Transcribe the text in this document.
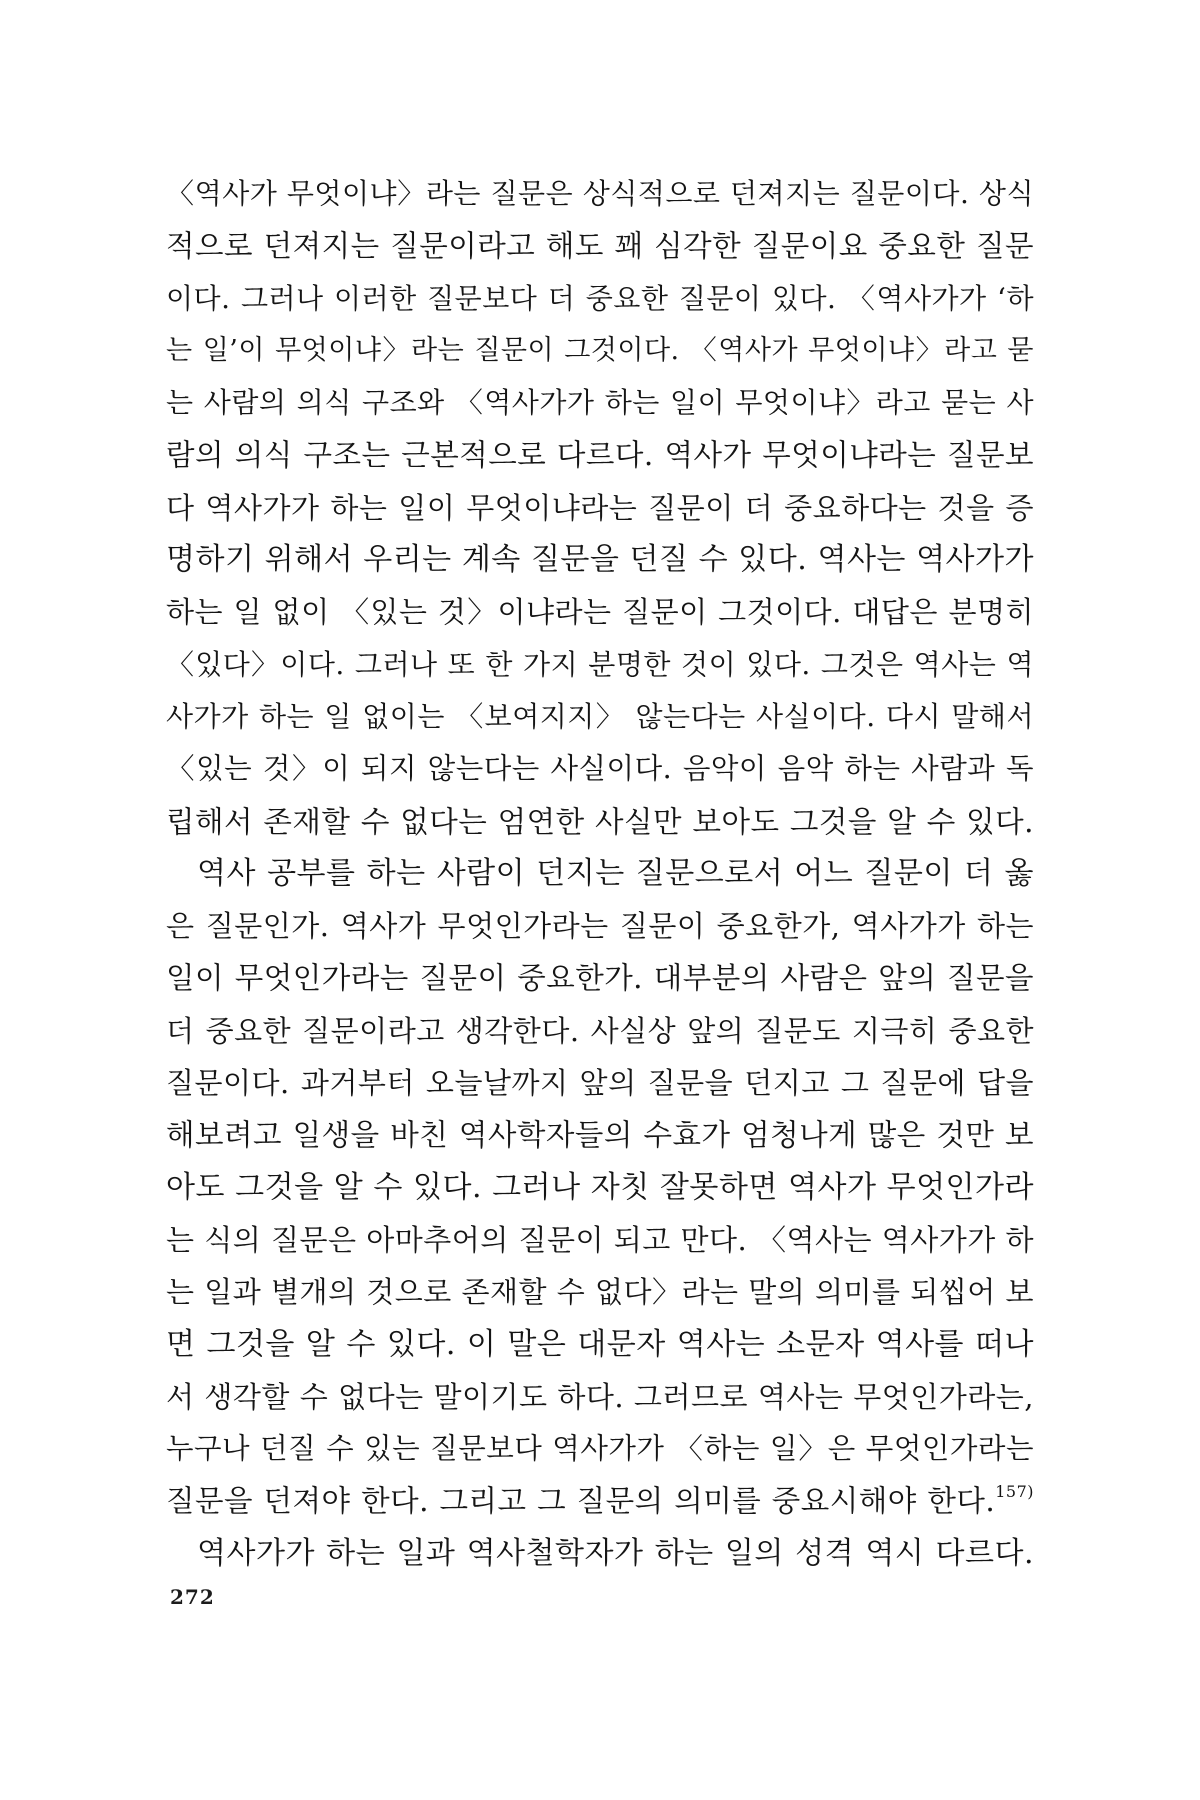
〈역사가 무엇이냐〉라는 질문은 상식적으로 던져지는 질문이다. 상식
적으로 던져지는 질문이라고 해도 꽤 심각한 질문이요 중요한 질문
이다. 그러나 이러한 질문보다 더 중요한 질문이 있다. 〈역사가가 ‘하
는 일’이 무엇이냐〉라는 질문이 그것이다. 〈역사가 무엇이냐〉라고 묻
는 사람의 의식 구조와 〈역사가가 하는 일이 무엇이냐〉라고 묻는 사
람의 의식 구조는 근본적으로 다르다. 역사가 무엇이냐라는 질문보
다 역사가가 하는 일이 무엇이냐라는 질문이 더 중요하다는 것을 증
명하기 위해서 우리는 계속 질문을 던질 수 있다. 역사는 역사가가
하는 일 없이 〈있는 것〉이냐라는 질문이 그것이다. 대답은 분명히
〈있다〉이다. 그러나 또 한 가지 분명한 것이 있다. 그것은 역사는 역
사가가 하는 일 없이는 〈보여지지〉 않는다는 사실이다. 다시 말해서
〈있는 것〉이 되지 않는다는 사실이다. 음악이 음악 하는 사람과 독
립해서 존재할 수 없다는 엄연한 사실만 보아도 그것을 알 수 있다.

역사 공부를 하는 사람이 던지는 질문으로서 어느 질문이 더 옳
은 질문인가. 역사가 무엇인가라는 질문이 중요한가, 역사가가 하는
일이 무엇인가라는 질문이 중요한가. 대부분의 사람은 앞의 질문을
더 중요한 질문이라고 생각한다. 사실상 앞의 질문도 지극히 중요한
질문이다. 과거부터 오늘날까지 앞의 질문을 던지고 그 질문에 답을
해보려고 일생을 바친 역사학자들의 수효가 엄청나게 많은 것만 보
아도 그것을 알 수 있다. 그러나 자칫 잘못하면 역사가 무엇인가라
는 식의 질문은 아마추어의 질문이 되고 만다. 〈역사는 역사가가 하
는 일과 별개의 것으로 존재할 수 없다〉라는 말의 의미를 되씹어 보
면 그것을 알 수 있다. 이 말은 대문자 역사는 소문자 역사를 떠나
서 생각할 수 없다는 말이기도 하다. 그러므로 역사는 무엇인가라는,
누구나 던질 수 있는 질문보다 역사가가 〈하는 일〉은 무엇인가라는
질문을 던져야 한다. 그리고 그 질문의 의미를 중요시해야 한다.$^{157)}$

역사가가 하는 일과 역사철학자가 하는 일의 성격 역시 다르다.

272
